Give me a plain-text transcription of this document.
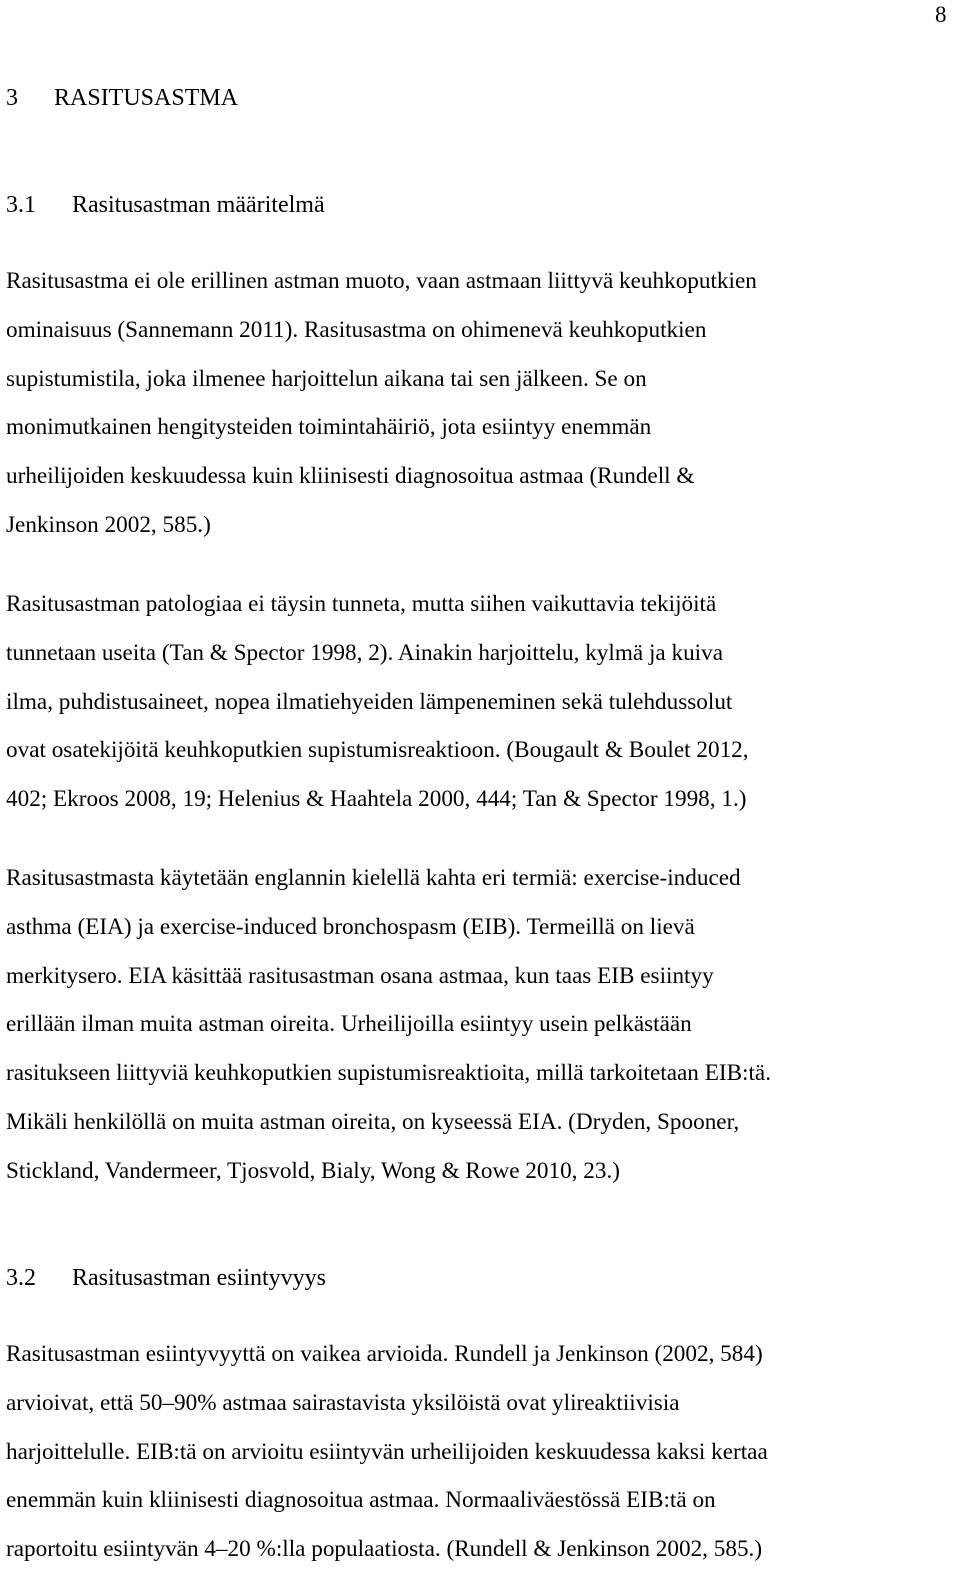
8
3 RASITUSASTMA
3.1 Rasitusastman määritelmä

Rasitusastma ei ole erillinen astman muoto, vaan astmaan liittyvä keuhkoputkien
ominaisuus (Sannemann 2011). Rasitusastma on ohimenevä keuhkoputkien
supistumistila, joka ilmenee harjoittelun aikana tai sen jälkeen. Se on
monimutkainen hengitysteiden toimintahäiriö, jota esiintyy enemmän
urheilijoiden keskuudessa kuin kliinisesti diagnosoitua astmaa (Rundell &
Jenkinson 2002, 585.)

Rasitusastman patologiaa ei täysin tunneta, mutta siihen vaikuttavia tekijöitä
tunnetaan useita (Tan & Spector 1998, 2). Ainakin harjoittelu, kylmä ja kuiva
ilma, puhdistusaineet, nopea ilmatiehyeiden lämpeneminen sekä tulehdussolut
ovat osatekijöitä keuhkoputkien supistumisreaktioon. (Bougault & Boulet 2012,
402; Ekroos 2008, 19; Helenius & Haahtela 2000, 444; Tan & Spector 1998, 1.)

Rasitusastmasta käytetään englannin kielellä kahta eri termiä: exercise-induced
asthma (EIA) ja exercise-induced bronchospasm (EIB). Termeillä on lievä
merkitysero. EIA käsittää rasitusastman osana astmaa, kun taas EIB esiintyy
erillään ilman muita astman oireita. Urheilijoilla esiintyy usein pelkästään
rasitukseen liittyviä keuhkoputkien supistumisreaktioita, millä tarkoitetaan EIB:tä.
Mikäli henkilöllä on muita astman oireita, on kyseessä EIA. (Dryden, Spooner,
Stickland, Vandermeer, Tjosvold, Bialy, Wong & Rowe 2010, 23.)

3.2 Rasitusastman esiintyvyys

Rasitusastman esiintyvyyttä on vaikea arvioida. Rundell ja Jenkinson (2002, 584)
arvioivat, että 50–90% astmaa sairastavista yksilöistä ovat ylireaktiivisia
harjoittelulle. EIB:tä on arvioitu esiintyvän urheilijoiden keskuudessa kaksi kertaa
enemmän kuin kliinisesti diagnosoitua astmaa. Normaaliväestössä EIB:tä on
raportoitu esiintyvän 4–20 %:lla populaatiosta. (Rundell & Jenkinson 2002, 585.)
